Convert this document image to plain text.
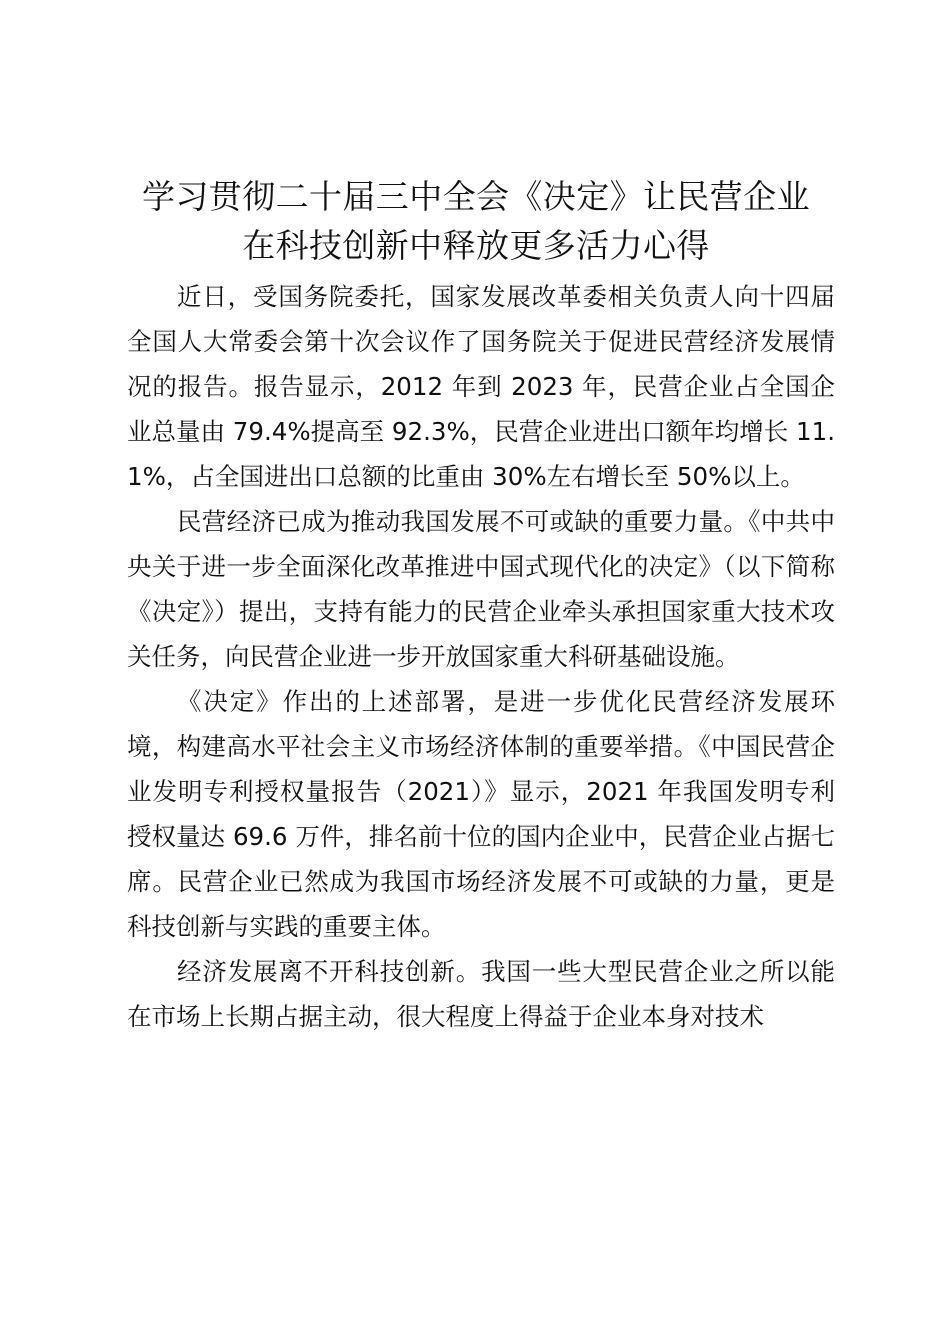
学习贯彻二十届三中全会《决定》让民营企业
在科技创新中释放更多活力心得

近日，受国务院委托，国家发展改革委相关负责人向十四届全国人大常委会第十次会议作了国务院关于促进民营经济发展情况的报告。报告显示，2012 年到 2023 年，民营企业占全国企业总量由 79.4%提高至 92.3%，民营企业进出口额年均增长 11.1%，占全国进出口总额的比重由 30%左右增长至 50%以上。

民营经济已成为推动我国发展不可或缺的重要力量。《中共中央关于进一步全面深化改革推进中国式现代化的决定》（以下简称《决定》）提出，支持有能力的民营企业牵头承担国家重大技术攻关任务，向民营企业进一步开放国家重大科研基础设施。

《决定》作出的上述部署，是进一步优化民营经济发展环境，构建高水平社会主义市场经济体制的重要举措。《中国民营企业发明专利授权量报告（2021）》显示，2021 年我国发明专利授权量达 69.6 万件，排名前十位的国内企业中，民营企业占据七席。民营企业已然成为我国市场经济发展不可或缺的力量，更是科技创新与实践的重要主体。

经济发展离不开科技创新。我国一些大型民营企业之所以能在市场上长期占据主动，很大程度上得益于企业本身对技术
